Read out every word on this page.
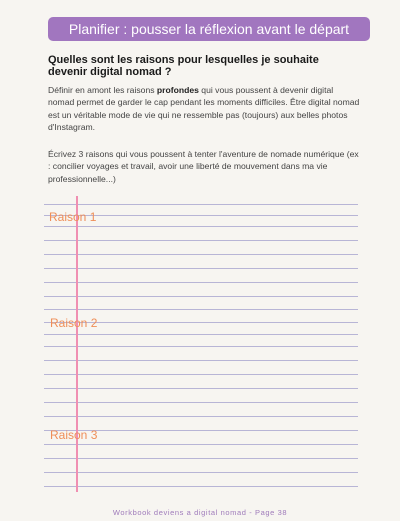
Planifier : pousser la réflexion avant le départ
Quelles sont les raisons pour lesquelles je souhaite devenir digital nomad ?
Définir en amont les raisons profondes qui vous poussent à devenir digital nomad permet de garder le cap pendant les moments difficiles. Être digital nomad est un véritable mode de vie qui ne ressemble pas (toujours) aux belles photos d'Instagram.
Écrivez 3 raisons qui vous poussent à tenter l'aventure de nomade numérique (ex : concilier voyages et travail, avoir une liberté de mouvement dans ma vie professionnelle...)
Raison 1
Raison 2
Raison 3
Workbook deviens a digital nomad - Page 38
